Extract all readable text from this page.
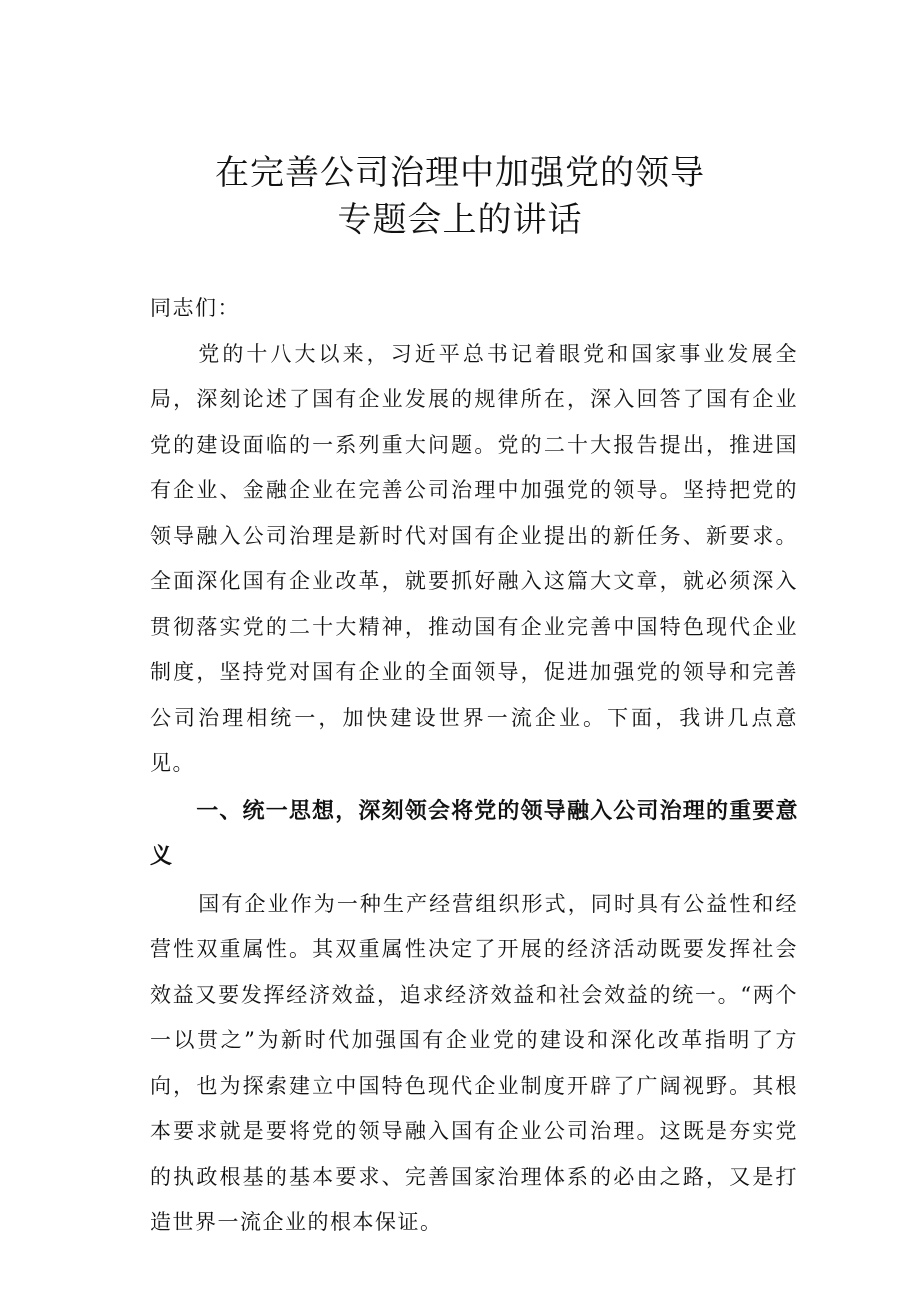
在完善公司治理中加强党的领导
专题会上的讲话

同志们：

党的十八大以来，习近平总书记着眼党和国家事业发展全局，深刻论述了国有企业发展的规律所在，深入回答了国有企业党的建设面临的一系列重大问题。党的二十大报告提出，推进国有企业、金融企业在完善公司治理中加强党的领导。坚持把党的领导融入公司治理是新时代对国有企业提出的新任务、新要求。全面深化国有企业改革，就要抓好融入这篇大文章，就必须深入贯彻落实党的二十大精神，推动国有企业完善中国特色现代企业制度，坚持党对国有企业的全面领导，促进加强党的领导和完善公司治理相统一，加快建设世界一流企业。下面，我讲几点意见。

一、统一思想，深刻领会将党的领导融入公司治理的重要意义

国有企业作为一种生产经营组织形式，同时具有公益性和经营性双重属性。其双重属性决定了开展的经济活动既要发挥社会效益又要发挥经济效益，追求经济效益和社会效益的统一。“两个一以贯之”为新时代加强国有企业党的建设和深化改革指明了方向，也为探索建立中国特色现代企业制度开辟了广阔视野。其根本要求就是要将党的领导融入国有企业公司治理。这既是夯实党的执政根基的基本要求、完善国家治理体系的必由之路，又是打造世界一流企业的根本保证。
